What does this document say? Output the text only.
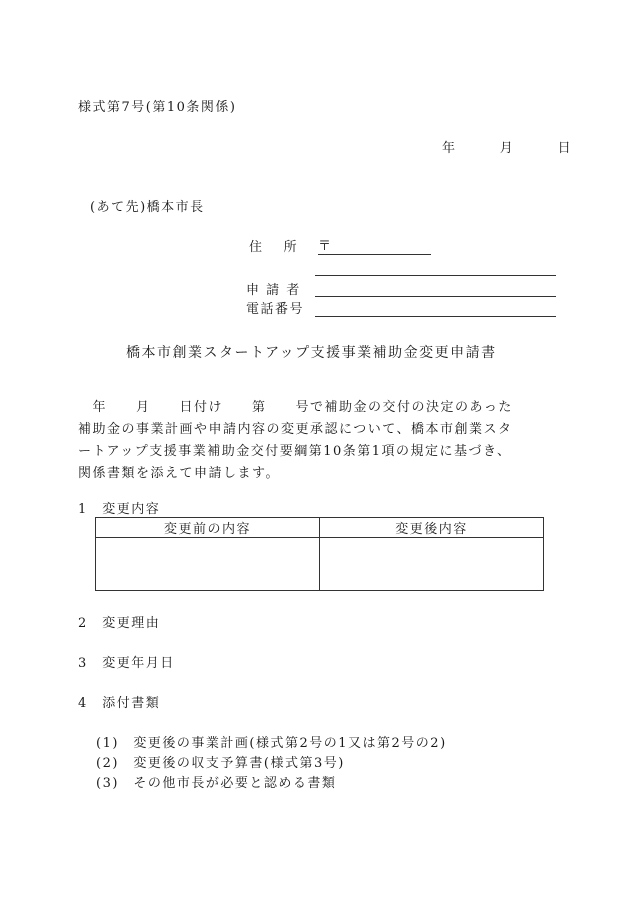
様式第7号(第10条関係)
年	月	日
(あて先)橋本市長
住　 所 〒
申 請 者
電話番号
橋本市創業スタートアップ支援事業補助金変更申請書

　年　　月　　日付け　　第　　号で補助金の交付の決定のあった

補助金の事業計画や申請内容の変更承認について、橋本市創業スタ

ートアップ支援事業補助金交付要綱第10条第1項の規定に基づき、

関係書類を添えて申請します。

1　変更内容
変更前の内容	変更後内容

2　変更理由
3　変更年月日
4　添付書類
(1)　変更後の事業計画(様式第2号の1又は第2号の2)
(2)　変更後の収支予算書(様式第3号)
(3)　その他市長が必要と認める書類
